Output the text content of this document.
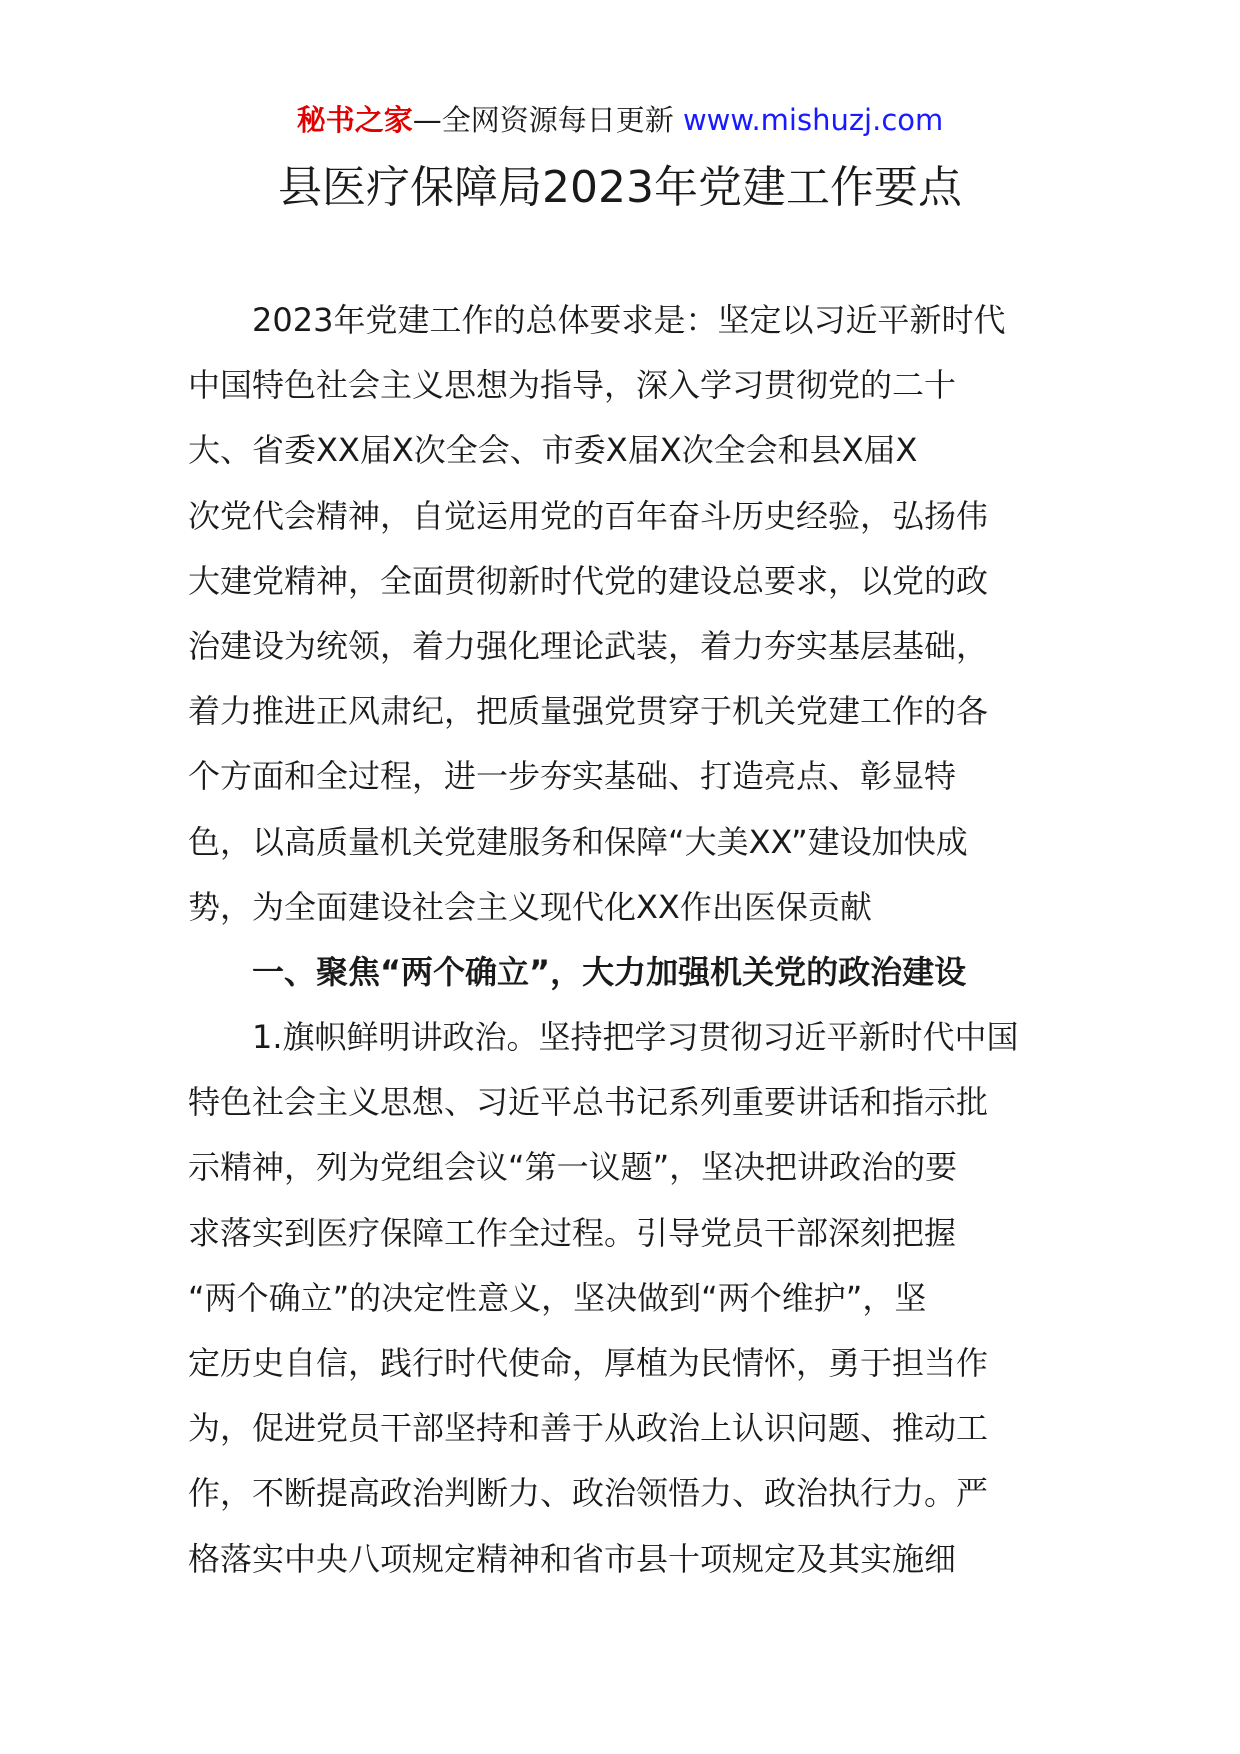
秘书之家—全网资源每日更新 www.mishuzj.com
县医疗保障局2023年党建工作要点
2023年党建工作的总体要求是：坚定以习近平新时代
中国特色社会主义思想为指导，深入学习贯彻党的二十
大、省委XX届X次全会、市委X届X次全会和县X届X
次党代会精神，自觉运用党的百年奋斗历史经验，弘扬伟
大建党精神，全面贯彻新时代党的建设总要求，以党的政
治建设为统领，着力强化理论武装，着力夯实基层基础，
着力推进正风肃纪，把质量强党贯穿于机关党建工作的各
个方面和全过程，进一步夯实基础、打造亮点、彰显特
色，以高质量机关党建服务和保障“大美XX”建设加快成
势，为全面建设社会主义现代化XX作出医保贡献
一、聚焦“两个确立”，大力加强机关党的政治建设
1.旗帜鲜明讲政治。坚持把学习贯彻习近平新时代中国
特色社会主义思想、习近平总书记系列重要讲话和指示批
示精神，列为党组会议“第一议题”，坚决把讲政治的要
求落实到医疗保障工作全过程。引导党员干部深刻把握
“两个确立”的决定性意义，坚决做到“两个维护”，坚
定历史自信，践行时代使命，厚植为民情怀，勇于担当作
为，促进党员干部坚持和善于从政治上认识问题、推动工
作，不断提高政治判断力、政治领悟力、政治执行力。严
格落实中央八项规定精神和省市县十项规定及其实施细
